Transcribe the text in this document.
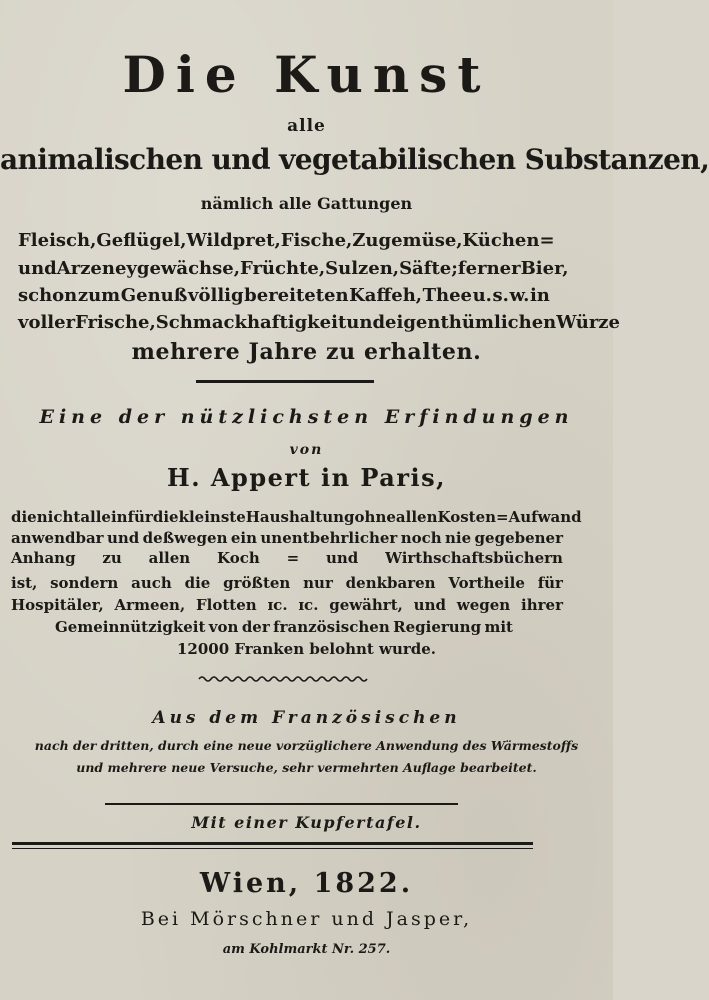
Die Kunst
alle
animalischen und vegetabilischen Substanzen,
nämlich alle Gattungen
Fleisch, Geflügel, Wildpret, Fische, Zugemüse, Küchen=
und Arzeneygewächse, Früchte, Sulzen, Säfte; ferner Bier,
schon zum Genuß völlig bereiteten Kaffeh, Thee u. s. w. in
voller Frische, Schmackhaftigkeit und eigenthümlichen Würze
mehrere Jahre zu erhalten.
Eine der nützlichsten Erfindungen
von
H. Appert in Paris,
die nicht allein für die kleinste Haushaltung ohne allen Kosten=Aufwand
anwendbar und deßwegen ein unentbehrlicher noch nie gegebener
Anhang zu allen Koch = und Wirthschaftsbüchern
ist, sondern auch die größten nur denkbaren Vortheile für
Hospitäler, Armeen, Flotten ɪc. ɪc. gewährt, und wegen ihrer
Gemeinnützigkeit von der französischen Regierung mit
12000 Franken belohnt wurde.
Aus dem Französischen
nach der dritten, durch eine neue vorzüglichere Anwendung des Wärmestoffs
und mehrere neue Versuche, sehr vermehrten Auflage bearbeitet.
Mit einer Kupfertafel.
Wien, 1822.
Bei Mörschner und Jasper,
am Kohlmarkt Nr. 257.
